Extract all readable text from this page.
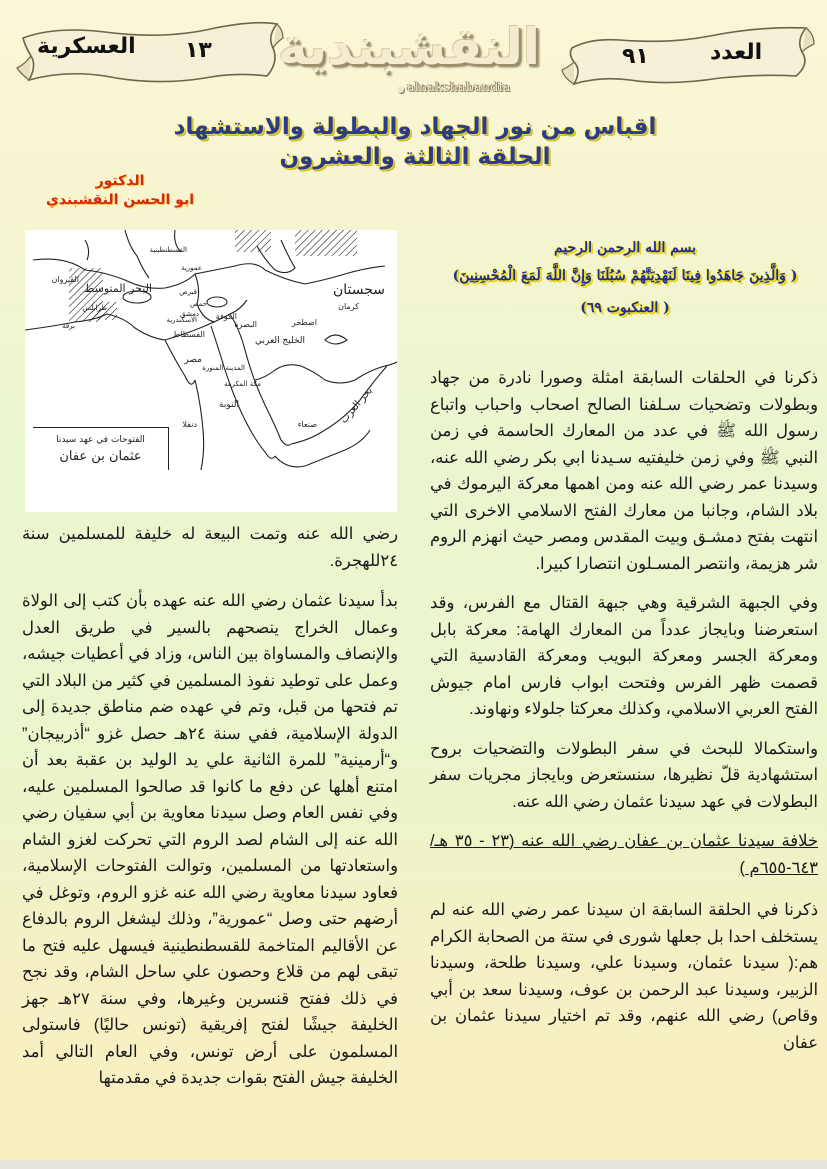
العسكرية ١٣ النقشبندية
alnakshabandia
العدد
٩١
اقباس من نور الجهاد والبطولة والاستشهاد
الحلقة الثالثة والعشرون
الدكتور
ابو الحسن النقشبندي
سجستان
كرمان
اصطخر
الخليج العربي
البصرة
الكوفة
حمص
دمشق
المدينة المنورة
مكة المكرمة
صنعاء بحر العرب
مصر
الفسطاط
الاسكندرية
النوبة
دنقلا
البحر المتوسط
القيروان
برقة
قبرص
عمورية
القسطنطينية
طرابلس
الفتوحات في عهد سيدنا
عثمان بن عفان
بسم الله الرحمن الرحيم
( وَالَّذِينَ جَاهَدُوا فِينَا لَنَهْدِيَنَّهُمْ سُبُلَنَا وَإِنَّ اللَّهَ لَمَعَ الْمُحْسِنِينَ)
( العنكبوت ٦٩)

ذكرنا في الحلقات السابقة امثلة وصورا نادرة من جهاد وبطولات وتضحيات سـلفنا الصالح اصحاب واحباب واتباع رسول الله ﷺ في عدد من المعارك الحاسمة في زمن النبي ﷺ وفي زمن خليفتيه سـيدنا ابي بكر رضي الله عنه، وسيدنا عمر رضي الله عنه ومن اهمها معركة اليرموك في بلاد الشام، وجانبا من معارك الفتح الاسلامي الاخرى التي انتهت بفتح دمشـق وبيت المقدس ومصر حيث انهزم الروم شر هزيمة، وانتصر المسـلون انتصارا كبيرا.

وفي الجبهة الشرقية وهي جبهة القتال مع الفرس، وقد استعرضنا وبايجاز عدداً من المعارك الهامة: معركة بابل ومعركة الجسر ومعركة البويب ومعركة القادسية التي قصمت ظهر الفرس وفتحت ابواب فارس امام جيوش الفتح العربي الاسلامي، وكذلك معركتا جلولاء ونهاوند.

واستكمالا للبحث في سفر البطولات والتضحيات بروح استشهادية قلّ نظيرها، سنستعرض وبايجاز مجريات سفر البطولات في عهد سيدنا عثمان رضي الله عنه.

خلافة سيدنا عثمان بن عفان رضي الله عنه (٢٣ - ٣٥ هـ/ ٦٤٣-٦٥٥م )

ذكرنا في الحلقة السابقة ان سيدنا عمر رضي الله عنه لم يستخلف احدا بل جعلها شورى في ستة من الصحابة الكرام هم:( سيدنا عثمان، وسيدنا علي، وسيدنا طلحة، وسيدنا الزبير، وسيدنا عبد الرحمن بن عوف، وسيدنا سعد بن أبي وقاص) رضي الله عنهم، وقد تم اختيار سيدنا عثمان بن عفان

رضي الله عنه وتمت البيعة له خليفة للمسلمين سنة ٢٤للهجرة.

بدأ سيدنا عثمان رضي الله عنه عهده بأن كتب إلى الولاة وعمال الخراج ينصحهم بالسير في طريق العدل والإنصاف والمساواة بين الناس، وزاد في أعطيات جيشه، وعمل على توطيد نفوذ المسلمين في كثير من البلاد التي تم فتحها من قبل، وتم في عهده ضم مناطق جديدة إلى الدولة الإسلامية، ففي سنة ٢٤هـ حصل غزو “أذربيجان” و“أرمينية” للمرة الثانية علي يد الوليد بن عقبة بعد أن امتنع أهلها عن دفع ما كانوا قد صالحوا المسلمين عليه، وفي نفس العام وصل سيدنا معاوية بن أبي سفيان رضي الله عنه إلى الشام لصد الروم التي تحركت لغزو الشام واستعادتها من المسلمين، وتوالت الفتوحات الإسلامية، فعاود سيدنا معاوية رضي الله عنه غزو الروم، وتوغل في أرضهم حتى وصل “عمورية”، وذلك ليشغل الروم بالدفاع عن الأقاليم المتاخمة للقسطنطينية فيسهل عليه فتح ما تبقى لهم من قلاع وحصون علي ساحل الشام، وقد نجح في ذلك ففتح قنسرين وغيرها، وفي سنة ٢٧هـ جهز الخليفة جيشًا لفتح إفريقية (تونس حاليًا) فاستولى المسلمون على أرض تونس، وفي العام التالي أمد الخليفة جيش الفتح بقوات جديدة في مقدمتها
